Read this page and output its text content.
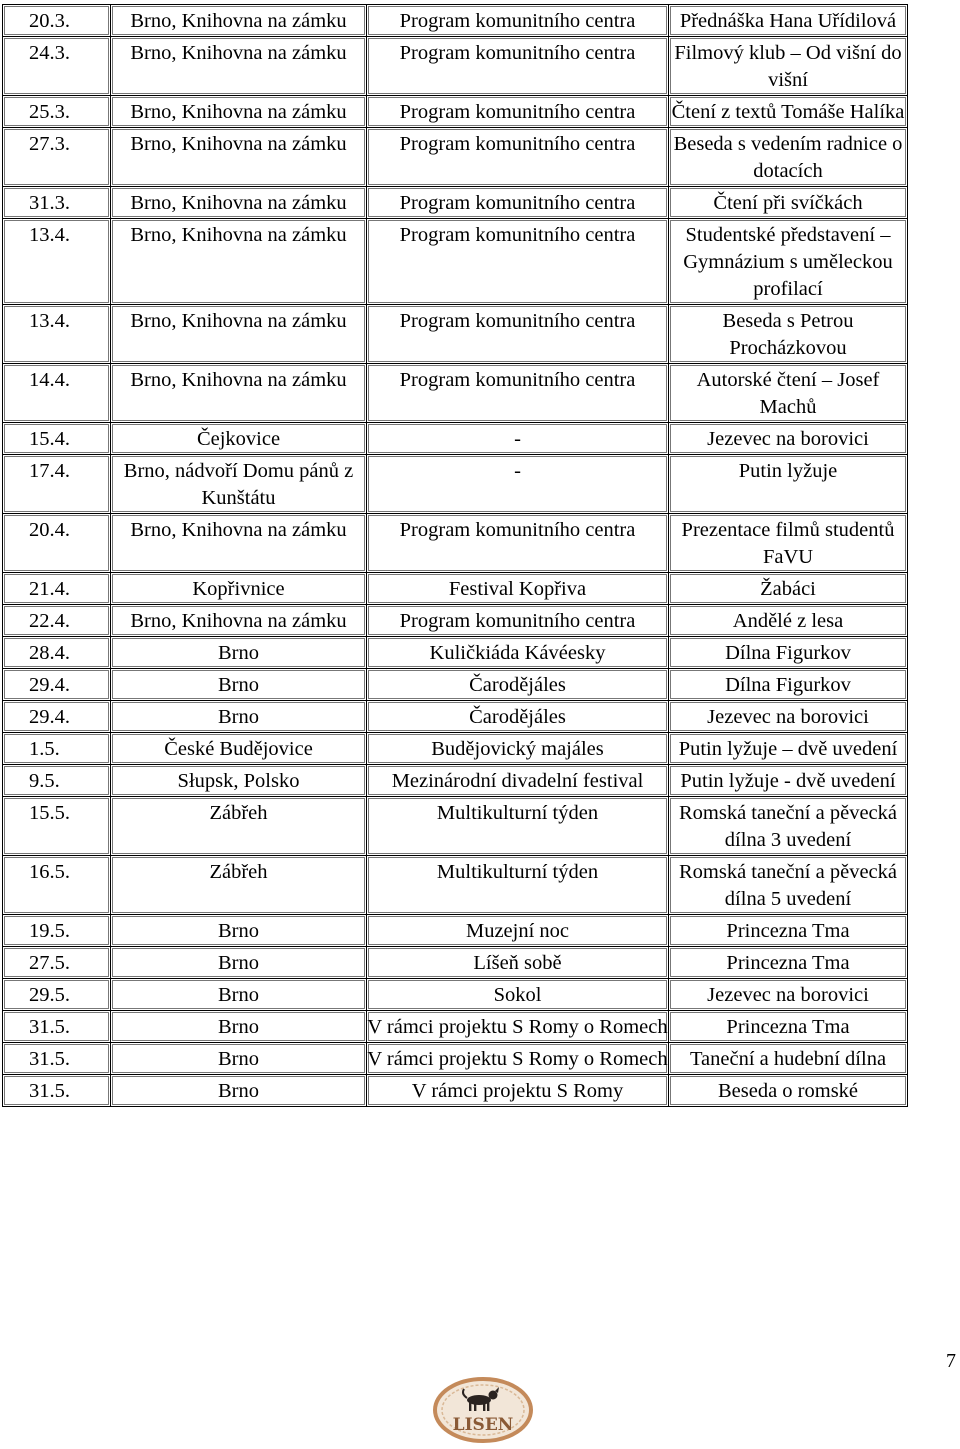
20.3.	Brno, Knihovna na zámku	Program komunitního centra	Přednáška Hana Uřídilová
24.3.	Brno, Knihovna na zámku	Program komunitního centra	Filmový klub – Od višní do višní
25.3.	Brno, Knihovna na zámku	Program komunitního centra	Čtení z textů Tomáše Halíka
27.3.	Brno, Knihovna na zámku	Program komunitního centra	Beseda s vedením radnice o dotacích
31.3.	Brno, Knihovna na zámku	Program komunitního centra	Čtení při svíčkách
13.4.	Brno, Knihovna na zámku	Program komunitního centra	Studentské představení – Gymnázium s uměleckou profilací
13.4.	Brno, Knihovna na zámku	Program komunitního centra	Beseda s Petrou Procházkovou
14.4.	Brno, Knihovna na zámku	Program komunitního centra	Autorské čtení – Josef Machů
15.4.	Čejkovice	-	Jezevec na borovici
17.4.	Brno, nádvoří Domu pánů z Kunštátu	-	Putin lyžuje
20.4.	Brno, Knihovna na zámku	Program komunitního centra	Prezentace filmů studentů FaVU
21.4.	Kopřivnice	Festival Kopřiva	Žabáci
22.4.	Brno, Knihovna na zámku	Program komunitního centra	Andělé z lesa
28.4.	Brno	Kuličkiáda Kávéesky	Dílna Figurkov
29.4.	Brno	Čarodějáles	Dílna Figurkov
29.4.	Brno	Čarodějáles	Jezevec na borovici
1.5.	České Budějovice	Budějovický majáles	Putin lyžuje – dvě uvedení
9.5.	Słupsk, Polsko	Mezinárodní divadelní festival	Putin lyžuje - dvě uvedení
15.5.	Zábřeh	Multikulturní týden	Romská taneční a pěvecká dílna 3 uvedení
16.5.	Zábřeh	Multikulturní týden	Romská taneční a pěvecká dílna 5 uvedení
19.5.	Brno	Muzejní noc	Princezna Tma
27.5.	Brno	Líšeň sobě	Princezna Tma
29.5.	Brno	Sokol	Jezevec na borovici
31.5.	Brno	V rámci projektu S Romy o Romech	Princezna Tma
31.5.	Brno	V rámci projektu S Romy o Romech	Taneční a hudební dílna
31.5.	Brno	V rámci projektu S Romy	Beseda o romské
7
LISEN
